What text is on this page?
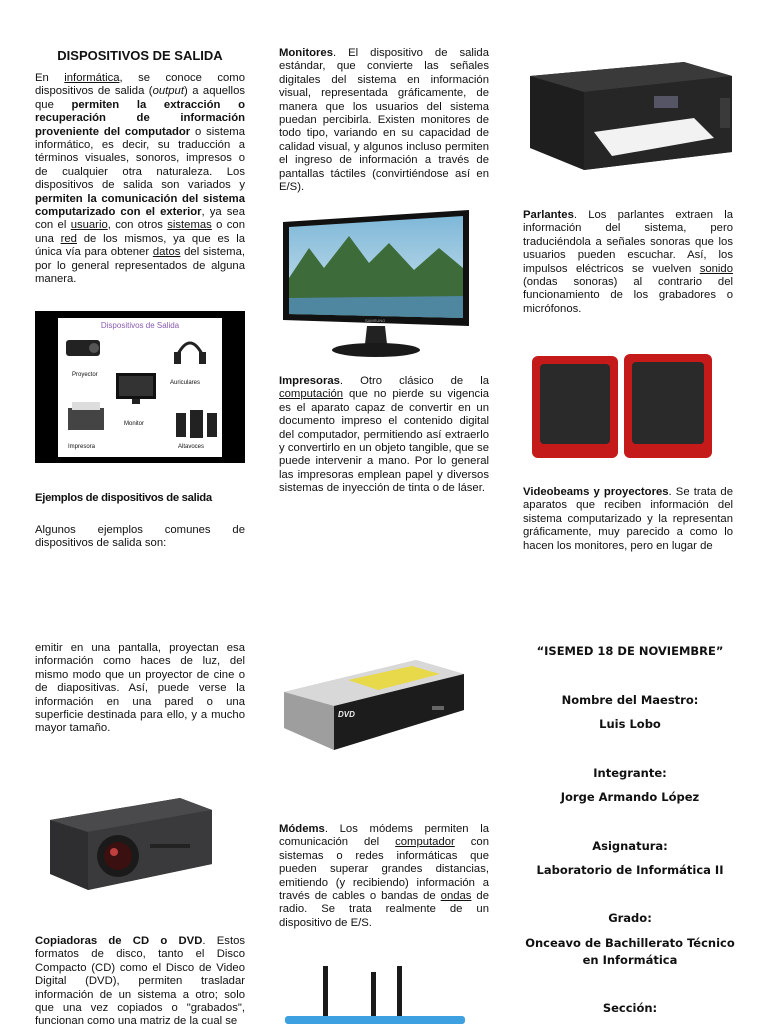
DISPOSITIVOS DE SALIDA
En informática, se conoce como dispositivos de salida (output) a aquellos que permiten la extracción o recuperación de información proveniente del computador o sistema informático, es decir, su traducción a términos visuales, sonoros, impresos o de cualquier otra naturaleza. Los dispositivos de salida son variados y permiten la comunicación del sistema computarizado con el exterior, ya sea con el usuario, con otros sistemas o con una red de los mismos, ya que es la única vía para obtener datos del sistema, por lo general representados de alguna manera.
Dispositivos de Salida
Proyector
Auriculares
Monitor
Impresora	Altavoces
Ejemplos de dispositivos de salida
Algunos ejemplos comunes de dispositivos de salida son:
emitir en una pantalla, proyectan esa información como haces de luz, del mismo modo que un proyector de cine o de diapositivas. Así, puede verse la información en una pared o una superficie destinada para ello, y a mucho mayor tamaño.
Copiadoras de CD o DVD. Estos formatos de disco, tanto el Disco Compacto (CD) como el Disco de Video Digital (DVD), permiten trasladar información de un sistema a otro; solo que una vez copiados o "grabados", funcionan como una matriz de la cual se
Monitores. El dispositivo de salida estándar, que convierte las señales digitales del sistema en información visual, representada gráficamente, de manera que los usuarios del sistema puedan percibirla. Existen monitores de todo tipo, variando en su capacidad de calidad visual, y algunos incluso permiten el ingreso de información a través de pantallas táctiles (convirtiéndose así en E/S).
SAMSUNG
Impresoras. Otro clásico de la computación que no pierde su vigencia es el aparato capaz de convertir en un documento impreso el contenido digital del computador, permitiendo así extraerlo y convertirlo en un objeto tangible, que se puede intervenir a mano. Por lo general las impresoras emplean papel y diversos sistemas de inyección de tinta o de láser.
DVD
Módems. Los módems permiten la comunicación del computador con sistemas o redes informáticas que pueden superar grandes distancias, emitiendo (y recibiendo) información a través de cables o bandas de ondas de radio. Se trata realmente de un dispositivo de E/S.
Parlantes. Los parlantes extraen la información del sistema, pero traduciéndola a señales sonoras que los usuarios pueden escuchar. Así, los impulsos eléctricos se vuelven sonido (ondas sonoras) al contrario del funcionamiento de los grabadores o micrófonos.
Videobeams y proyectores. Se trata de aparatos que reciben información del sistema computarizado y la representan gráficamente, muy parecido a como lo hacen los monitores, pero en lugar de
“ISEMED 18 DE NOVIEMBRE”
Nombre del Maestro:
Luis Lobo
Integrante:
Jorge Armando López
Asignatura:
Laboratorio de Informática II
Grado:
Onceavo de Bachillerato Técnico en Informática
Sección:
